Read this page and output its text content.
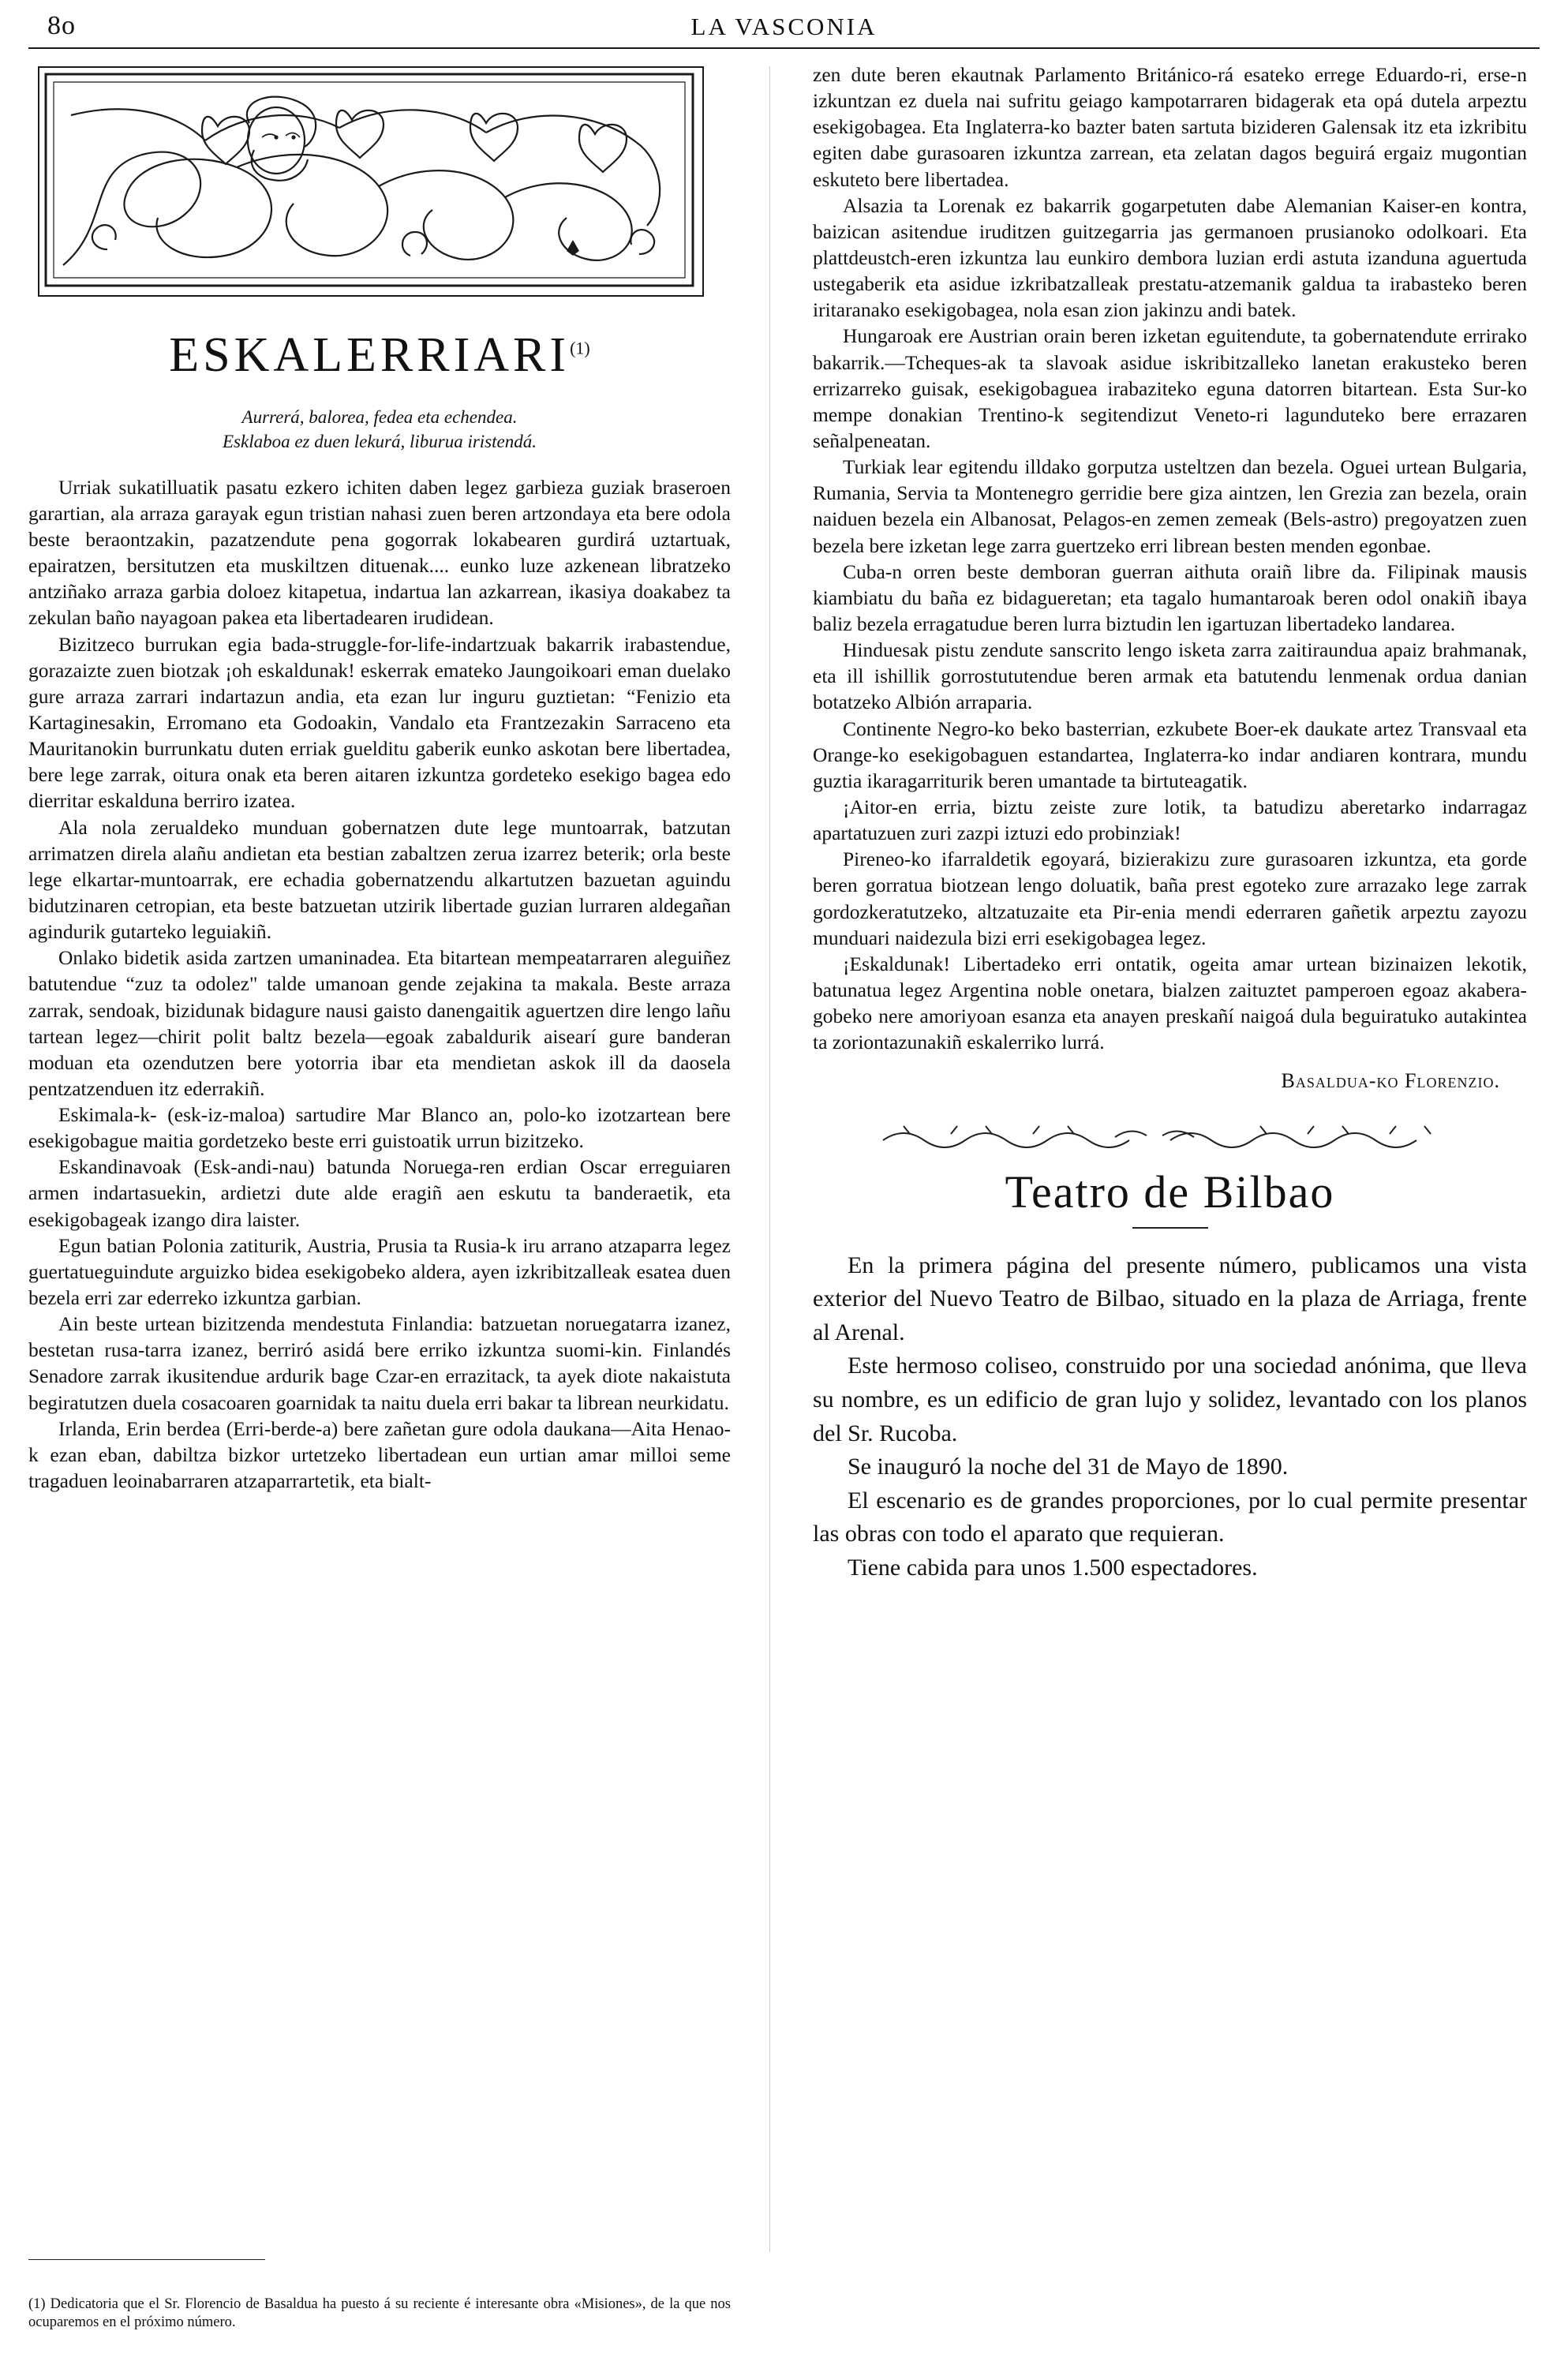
8o	LA VASCONIA
ESKALERRIARI$^{(1)}$
Aurrerá, balorea, fedea eta echendea.
Esklaboa ez duen lekurá, liburua iristendá.

Urriak sukatilluatik pasatu ezkero ichiten daben legez garbieza guziak braseroen garartian, ala arraza garayak egun tristian nahasi zuen beren artzondaya eta bere odola beste beraontzakin, pazatzendute pena gogorrak lokabearen gurdirá uztartuak, epairatzen, bersitutzen eta muskiltzen dituenak.... eunko luze azkenean libratzeko antziñako arraza garbia doloez kitapetua, indartua lan azkarrean, ikasiya doakabez ta zekulan baño nayagoan pakea eta libertadearen irudidean.

Bizitzeco burrukan egia bada-struggle-for-life-indartzuak bakarrik irabastendue, gorazaizte zuen biotzak ¡oh eskaldunak! eskerrak emateko Jaungoikoari eman duelako gure arraza zarrari indartazun andia, eta ezan lur inguru guztietan: “Fenizio eta Kartaginesakin, Erromano eta Godoakin, Vandalo eta Frantzezakin Sarraceno eta Mauritanokin burrunkatu duten erriak guelditu gaberik eunko askotan bere libertadea, bere lege zarrak, oitura onak eta beren aitaren izkuntza gordeteko esekigo bagea edo dierritar eskalduna berriro izatea.

Ala nola zerualdeko munduan gobernatzen dute lege muntoarrak, batzutan arrimatzen direla alañu andietan eta bestian zabaltzen zerua izarrez beterik; orla beste lege elkartar-muntoarrak, ere echadia gobernatzendu alkartutzen bazuetan aguindu bidutzinaren cetropian, eta beste batzuetan utzirik libertade guzian lurraren aldegañan agindurik gutarteko leguiakiñ.

Onlako bidetik asida zartzen umaninadea. Eta bitartean mempeatarraren aleguiñez batutendue “zuz ta odolez" talde umanoan gende zejakina ta makala. Beste arraza zarrak, sendoak, bizidunak bidagure nausi gaisto danengaitik aguertzen dire lengo lañu tartean legez—chirit polit baltz bezela—egoak zabaldurik aisearí gure banderan moduan eta ozendutzen bere yotorria ibar eta mendietan askok ill da daosela pentzatzenduen itz ederrakiñ.

Eskimala-k- (esk-iz-maloa) sartudire Mar Blanco an, polo-ko izotzartean bere esekigobague maitia gordetzeko beste erri guistoatik urrun bizitzeko.

Eskandinavoak (Esk-andi-nau) batunda Noruega-ren erdian Oscar erreguiaren armen indartasuekin, ardietzi dute alde eragiñ aen eskutu ta banderaetik, eta esekigobageak izango dira laister.

Egun batian Polonia zatiturik, Austria, Prusia ta Rusia-k iru arrano atzaparra legez guertatueguindute arguizko bidea esekigobeko aldera, ayen izkribitzalleak esatea duen bezela erri zar ederreko izkuntza garbian.

Ain beste urtean bizitzenda mendestuta Finlandia: batzuetan noruegatarra izanez, bestetan rusa-tarra izanez, berriró asidá bere erriko izkuntza suomi-kin. Finlandés Senadore zarrak ikusitendue ardurik bage Czar-en errazitack, ta ayek diote nakaistuta begiratutzen duela cosacoaren goarnidak ta naitu duela erri bakar ta librean neurkidatu.

Irlanda, Erin berdea (Erri-berde-a) bere zañetan gure odola daukana—Aita Henao-k ezan eban, dabiltza bizkor urtetzeko libertadean eun urtian amar milloi seme tragaduen leoinabarraren atzaparrartetik, eta bialt-

(1) Dedicatoria que el Sr. Florencio de Basaldua ha puesto á su reciente é interesante obra «Misiones», de la que nos ocuparemos en el próximo número.

zen dute beren ekautnak Parlamento Británico-rá esateko errege Eduardo-ri, erse-n izkuntzan ez duela nai sufritu geiago kampotarraren bidagerak eta opá dutela arpeztu esekigobagea. Eta Inglaterra-ko bazter baten sartuta bizideren Galensak itz eta izkribitu egiten dabe gurasoaren izkuntza zarrean, eta zelatan dagos beguirá ergaiz mugontian eskuteto bere libertadea.

Alsazia ta Lorenak ez bakarrik gogarpetuten dabe Alemanian Kaiser-en kontra, baizican asitendue iruditzen guitzegarria jas germanoen prusianoko odolkoari. Eta plattdeustch-eren izkuntza lau eunkiro dembora luzian erdi astuta izanduna aguertuda ustegaberik eta asidue izkribatzalleak prestatu-atzemanik galdua ta irabasteko beren iritaranako esekigobagea, nola esan zion jakinzu andi batek.

Hungaroak ere Austrian orain beren izketan eguitendute, ta gobernatendute errirako bakarrik.—Tcheques-ak ta slavoak asidue iskribitzalleko lanetan erakusteko beren errizarreko guisak, esekigobaguea irabaziteko eguna datorren bitartean. Esta Sur-ko mempe donakian Trentino-k segitendizut Veneto-ri lagunduteko bere errazaren señalpeneatan.

Turkiak lear egitendu illdako gorputza usteltzen dan bezela. Oguei urtean Bulgaria, Rumania, Servia ta Montenegro gerridie bere giza aintzen, len Grezia zan bezela, orain naiduen bezela ein Albanosat, Pelagos-en zemen zemeak (Bels-astro) pregoyatzen zuen bezela bere izketan lege zarra guertzeko erri librean besten menden egonbae.

Cuba-n orren beste demboran guerran aithuta oraiñ libre da. Filipinak mausis kiambiatu du baña ez bidagueretan; eta tagalo humantaroak beren odol onakiñ ibaya baliz bezela erragatudue beren lurra biztudin len igartuzan libertadeko landarea.

Hinduesak pistu zendute sanscrito lengo isketa zarra zaitiraundua apaiz brahmanak, eta ill ishillik gorrostututendue beren armak eta batutendu lenmenak ordua danian botatzeko Albión arraparia.

Continente Negro-ko beko basterrian, ezkubete Boer-ek daukate artez Transvaal eta Orange-ko esekigobaguen estandartea, Inglaterra-ko indar andiaren kontrara, mundu guztia ikaragarriturik beren umantade ta birtuteagatik.

¡Aitor-en erria, biztu zeiste zure lotik, ta batudizu aberetarko indarragaz apartatuzuen zuri zazpi iztuzi edo probinziak!

Pireneo-ko ifarraldetik egoyará, bizierakizu zure gurasoaren izkuntza, eta gorde beren gorratua biotzean lengo doluatik, baña prest egoteko zure arrazako lege zarrak gordozkeratutzeko, altzatuzaite eta Pir-enia mendi ederraren gañetik arpeztu zayozu munduari naidezula bizi erri esekigobagea legez.

¡Eskaldunak! Libertadeko erri ontatik, ogeita amar urtean bizinaizen lekotik, batunatua legez Argentina noble onetara, bialzen zaituztet pamperoen egoaz akaberagobeko nere amoriyoan esanza eta anayen preskañí naigoá dula beguiratuko autakintea ta zoriontazunakiñ eskalerriko lurrá.

Basaldua-ko Florenzio.
Teatro de Bilbao

En la primera página del presente número, publicamos una vista exterior del Nuevo Teatro de Bilbao, situado en la plaza de Arriaga, frente al Arenal.

Este hermoso coliseo, construido por una sociedad anónima, que lleva su nombre, es un edificio de gran lujo y solidez, levantado con los planos del Sr. Rucoba.

Se inauguró la noche del 31 de Mayo de 1890.

El escenario es de grandes proporciones, por lo cual permite presentar las obras con todo el aparato que requieran.

Tiene cabida para unos 1.500 espectadores.
